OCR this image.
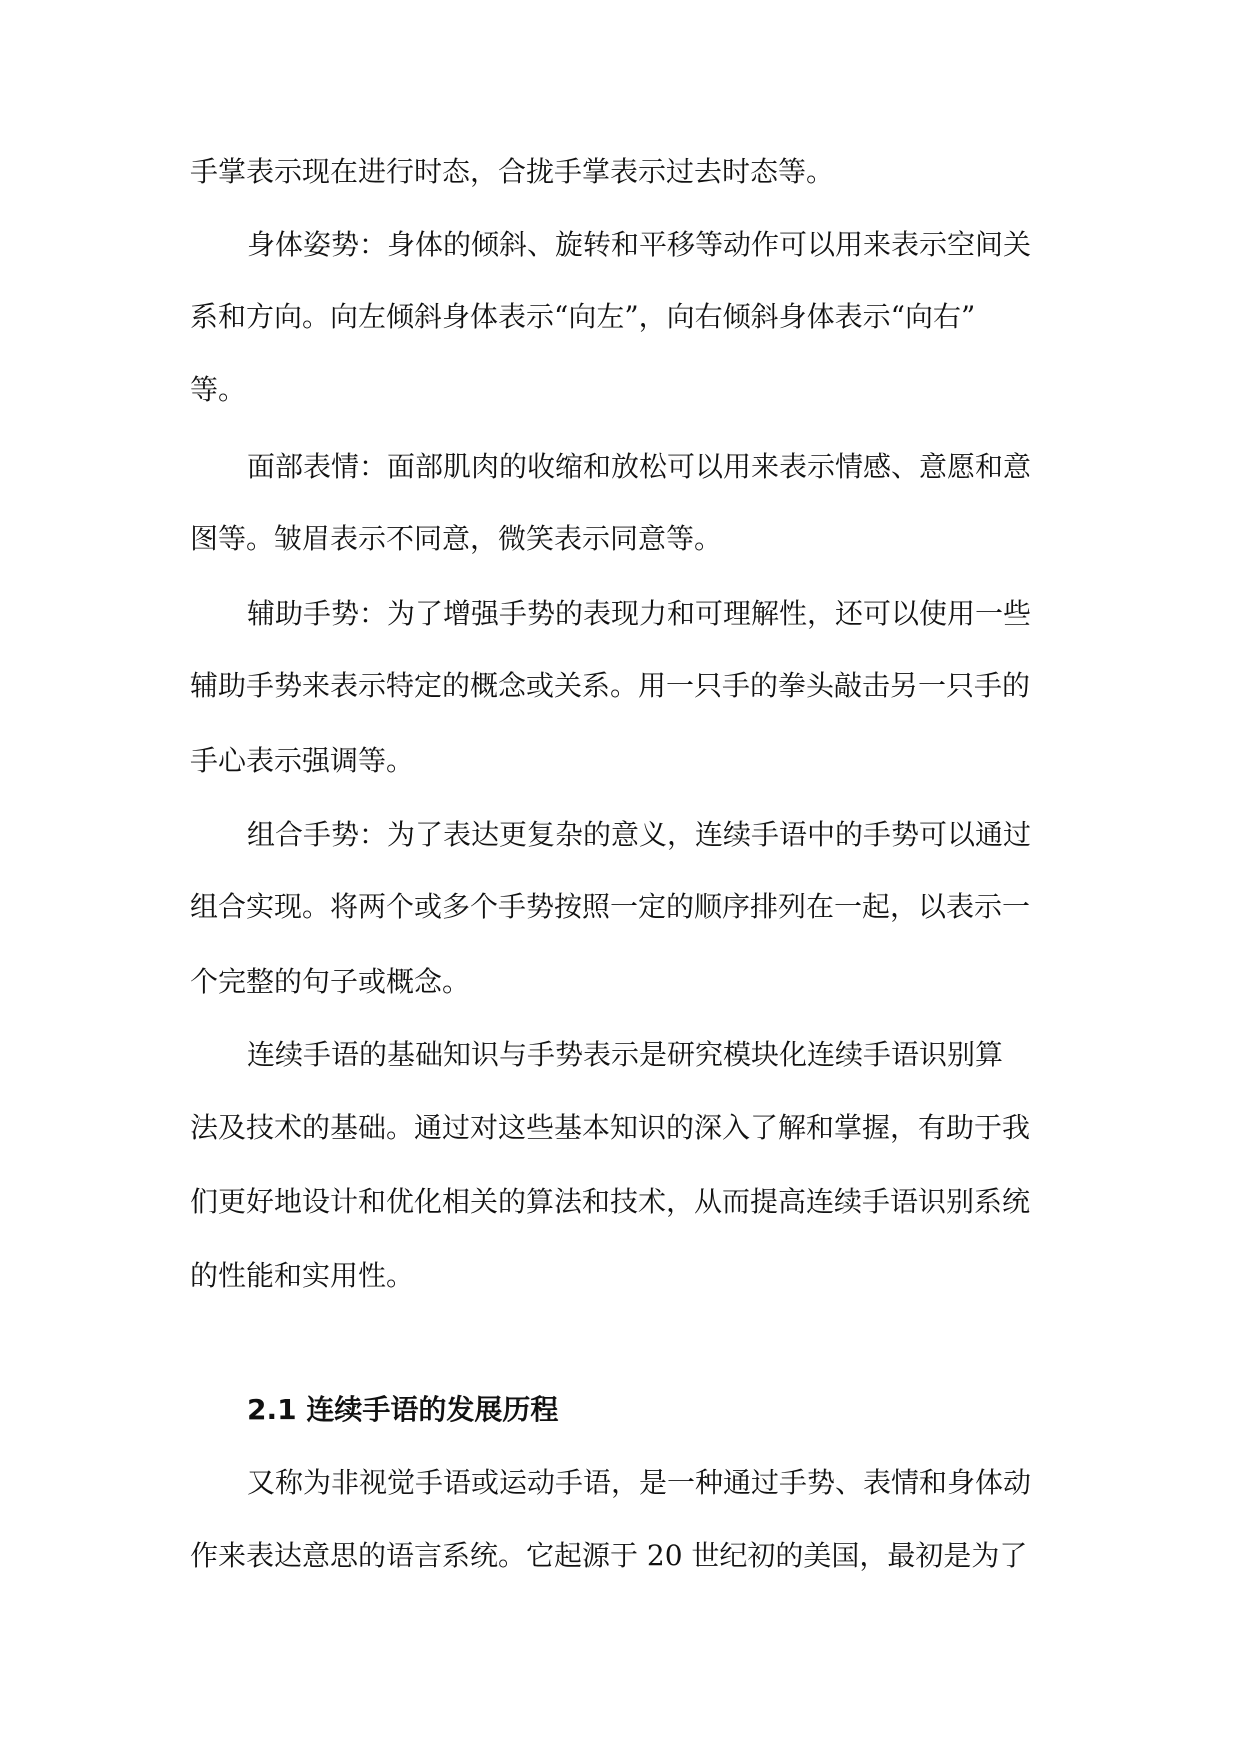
手掌表示现在进行时态，合拢手掌表示过去时态等。
身体姿势：身体的倾斜、旋转和平移等动作可以用来表示空间关
系和方向。向左倾斜身体表示“向左”，向右倾斜身体表示“向右”
等。
面部表情：面部肌肉的收缩和放松可以用来表示情感、意愿和意
图等。皱眉表示不同意，微笑表示同意等。
辅助手势：为了增强手势的表现力和可理解性，还可以使用一些
辅助手势来表示特定的概念或关系。用一只手的拳头敲击另一只手的
手心表示强调等。
组合手势：为了表达更复杂的意义，连续手语中的手势可以通过
组合实现。将两个或多个手势按照一定的顺序排列在一起，以表示一
个完整的句子或概念。
连续手语的基础知识与手势表示是研究模块化连续手语识别算
法及技术的基础。通过对这些基本知识的深入了解和掌握，有助于我
们更好地设计和优化相关的算法和技术，从而提高连续手语识别系统
的性能和实用性。
2.1 连续手语的发展历程
又称为非视觉手语或运动手语，是一种通过手势、表情和身体动
作来表达意思的语言系统。它起源于 20 世纪初的美国，最初是为了
